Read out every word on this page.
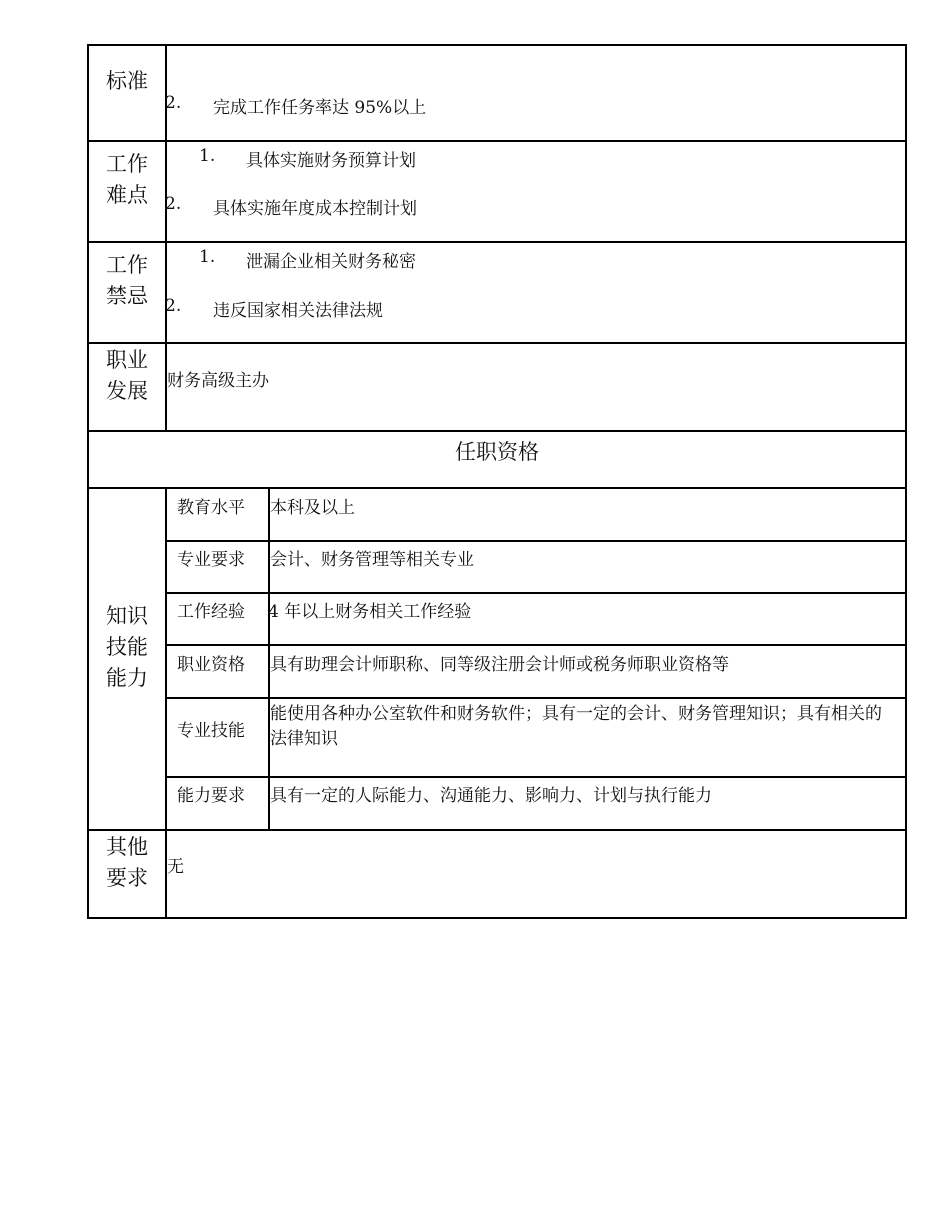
标准
2. 完成工作任务率达 95%以上
工作
难点
1. 具体实施财务预算计划
2. 具体实施年度成本控制计划
工作
禁忌
1. 泄漏企业相关财务秘密
2. 违反国家相关法律法规
职业
发展	财务高级主办
任职资格
知识
技能
能力
教育水平 本科及以上
专业要求 会计、财务管理等相关专业
工作经验 4 年以上财务相关工作经验
职业资格 具有助理会计师职称、同等级注册会计师或税务师职业资格等
专业技能
能使用各种办公室软件和财务软件；具有一定的会计、财务管理知识；具有相关的法律知识
能力要求 具有一定的人际能力、沟通能力、影响力、计划与执行能力
其他
要求	无
